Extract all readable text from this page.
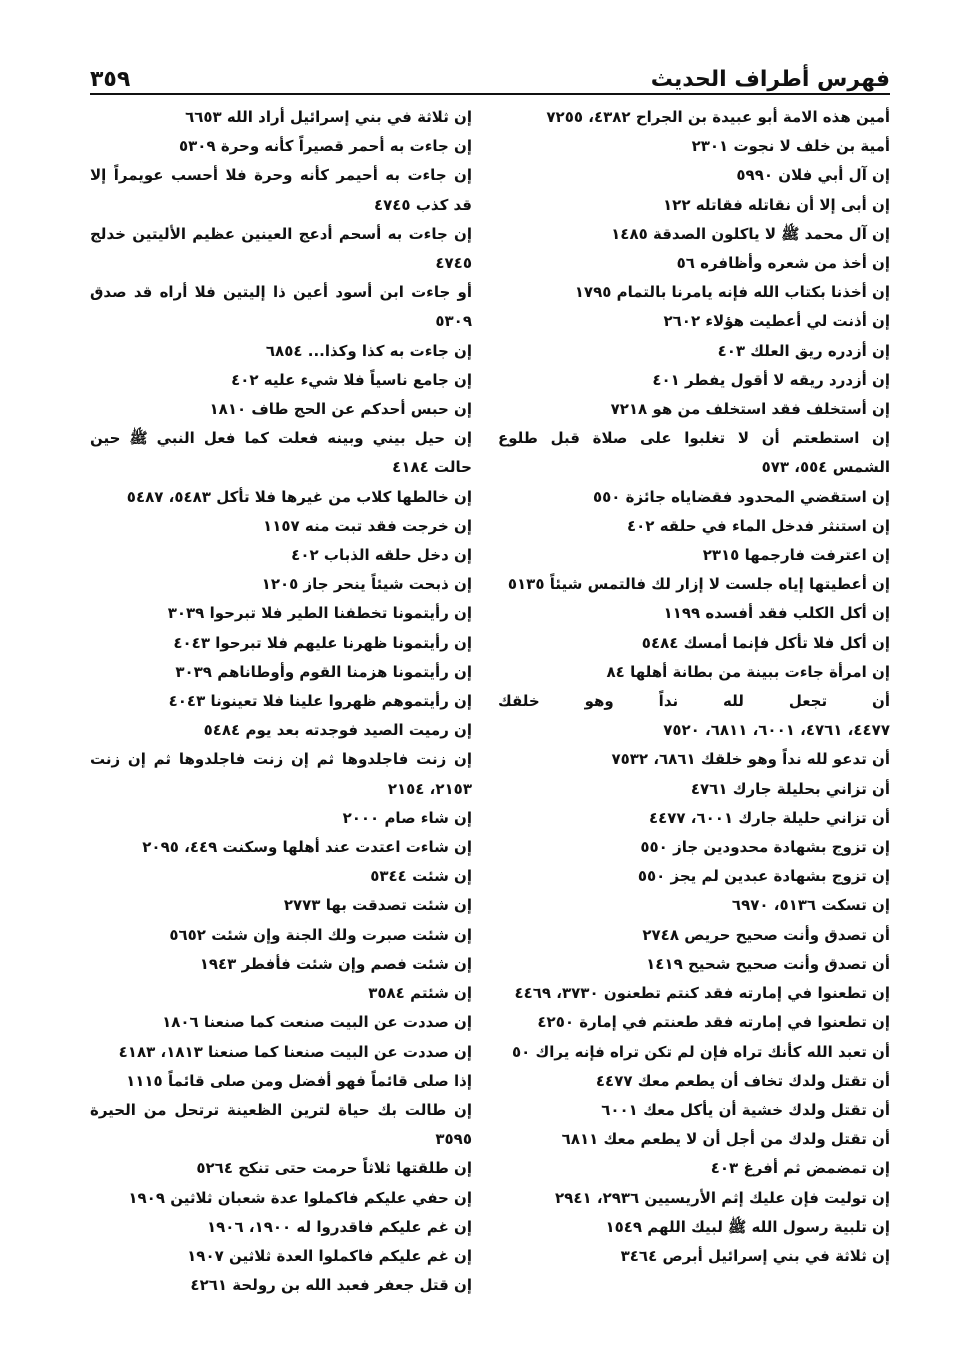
فهرس أطراف الحديث
٣٥٩
أمين هذه الامة أبو عبيدة بن الجراح ٤٣٨٢، ٧٢٥٥
أمية بن خلف لا نجوت ٢٣٠١
إن آل أبي فلان ٥٩٩٠
إن أبى إلا أن نقاتله فقاتله ١٢٢
إن آل محمد ﷺ لا ياكلون الصدقة ١٤٨٥
إن أخذ من شعره وأظافره ٥٦
إن أخذنا بكتاب الله فإنه يامرنا بالتمام ١٧٩٥
إن أذنت لي أعطيت هؤلاء ٢٦٠٢
إن أزدره ريق العلك ٤٠٣
إن أزدرد ريقه لا أقول يفطر ٤٠١
إن أستخلف فقد استخلف من هو ٧٢١٨
إن استطعتم أن لا تغلبوا على صلاة قبل طلوع الشمس ٥٥٤، ٥٧٣
إن استقضي المحدود فقضاياه جائزة ٥٥٠
إن استنثر فدخل الماء في حلقه ٤٠٢
إن اعترفت فارجمها ٢٣١٥
إن أعطيتها إياه جلست لا إزار لك فالتمس شيئاً ٥١٣٥
إن أكل الكلب فقد أفسده ١١٩٩
إن أكل فلا تأكل فإنما أمسك ٥٤٨٤
إن امرأة جاءت ببينة من بطانة أهلها ٨٤
أن تجعل لله نداً وهو خلقك ٤٤٧٧، ٤٧٦١، ٦٠٠١، ٦٨١١، ٧٥٢٠
أن تدعو لله نداً وهو خلقك ٦٨٦١، ٧٥٣٢
أن تزاني بحليلة جارك ٤٧٦١
أن تزاني حليلة جارك ٦٠٠١، ٤٤٧٧
إن تزوج بشهادة محدودين جاز ٥٥٠
إن تزوج بشهادة عبدين لم يجز ٥٥٠
إن تسكت ٥١٣٦، ٦٩٧٠
أن تصدق وأنت صحيح حريص ٢٧٤٨
أن تصدق وأنت صحيح شحيح ١٤١٩
إن تطعنوا في إمارته فقد كنتم تطعنون ٣٧٣٠، ٤٤٦٩
إن تطعنوا في إمارته فقد طعنتم في إمارة ٤٢٥٠
أن تعبد الله كأنك تراه فإن لم تكن تراه فإنه يراك ٥٠
أن تقتل ولدك تخاف أن يطعم معك ٤٤٧٧
أن تقتل ولدك خشية أن يأكل معك ٦٠٠١
أن تقتل ولدك من أجل أن لا يطعم معك ٦٨١١
إن تمضمض ثم أفرغ ٤٠٣
إن توليت فإن عليك إثم الأريسيين ٢٩٣٦، ٢٩٤١
إن تلبية رسول الله ﷺ لبيك اللهم ١٥٤٩
إن ثلاثة في بني إسرائيل أبرص ٣٤٦٤
إن ثلاثة في بني إسرائيل أراد الله ٦٦٥٣
إن جاءت به أحمر قصيراً كأنه وحرة ٥٣٠٩
إن جاءت به أحيمر كأنه وحرة فلا أحسب عويمراً إلا قد كذب ٤٧٤٥
إن جاءت به أسحم أدعج العينين عظيم الأليتين خدلج ٤٧٤٥
أو جاءت ابن أسود أعين ذا إليتين فلا أراه قد صدق ٥٣٠٩
إن جاءت به كذا وكذا... ٦٨٥٤
إن جامع ناسياً فلا شيء عليه ٤٠٢
إن حبس أحدكم عن الحج طاف ١٨١٠
إن حيل بيني وبينه فعلت كما فعل النبي ﷺ حين حالت ٤١٨٤
إن خالطها كلاب من غيرها فلا تأكل ٥٤٨٣، ٥٤٨٧
إن خرجت فقد تبت منه ١١٥٧
إن دخل حلقه الذباب ٤٠٢
إن ذبحت شيئاً ينحر جاز ١٢٠٥
إن رأيتمونا تخطفنا الطير فلا تبرحوا ٣٠٣٩
إن رأيتمونا ظهرنا عليهم فلا تبرحوا ٤٠٤٣
إن رأيتمونا هزمنا القوم وأوطاناهم ٣٠٣٩
إن رأيتموهم ظهروا علينا فلا تعينونا ٤٠٤٣
إن رميت الصيد فوجدته بعد يوم ٥٤٨٤
إن زنت فاجلدوها ثم إن زنت فاجلدوها ثم إن زنت ٢١٥٣، ٢١٥٤
إن شاء صام ٢٠٠٠
إن شاءت اعتدت عند أهلها وسكنت ٤٤٩، ٢٠٩٥
إن شئت ٥٣٤٤
إن شئت تصدقت بها ٢٧٧٣
إن شئت صبرت ولك الجنة وإن شئت ٥٦٥٢
إن شئت فصم وإن شئت فأفطر ١٩٤٣
إن شئتم ٣٥٨٤
إن صددت عن البيت صنعت كما صنعنا ١٨٠٦
إن صددت عن البيت صنعنا كما صنعنا ١٨١٣، ٤١٨٣
إذا صلى قائماً فهو أفضل ومن صلى قائماً ١١١٥
إن طالت بك حياة لترين الظعينة ترتحل من الحيرة ٣٥٩٥
إن طلقتها ثلاثاً حرمت حتى تنكح ٥٢٦٤
إن حفي عليكم فاكملوا عدة شعبان ثلاثين ١٩٠٩
إن غم عليكم فاقدروا له ١٩٠٠، ١٩٠٦
إن غم عليكم فاكملوا العدة ثلاثين ١٩٠٧
إن قتل جعفر فعبد الله بن رولحة ٤٢٦١
